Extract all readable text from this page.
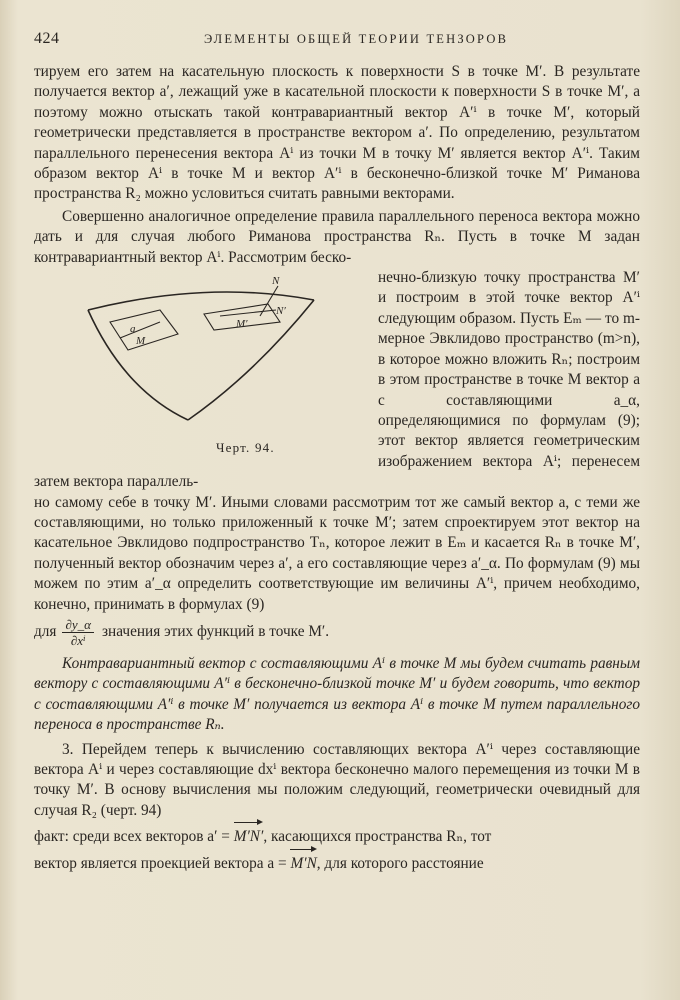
424	ЭЛЕМЕНТЫ ОБЩЕЙ ТЕОРИИ ТЕНЗОРОВ

тируем его затем на касательную плоскость к поверхности S в точке M′. В результате получается вектор a′, лежащий уже в касательной плоскости к поверхности S в точке M′, а поэтому можно отыскать такой контравариантный вектор A′ⁱ в точке M′, который геометрически представляется в пространстве вектором a′. По определению, результатом параллельного перенесения вектора Aⁱ из точки M в точку M′ является вектор A′ⁱ. Таким образом вектор Aⁱ в точке M и вектор A′ⁱ в бесконечно-близкой точке M′ Риманова пространства R₂ можно условиться считать равными векторами.

Совершенно аналогичное определение правила параллельного переноса вектора можно дать и для случая любого Риманова пространства Rₙ. Пусть в точке M задан контравариантный вектор Aⁱ. Рассмотрим беско-

a
M
M′
N
N′
Черт. 94.

нечно-близкую точку пространства M′ и построим в этой точке вектор A′ⁱ следующим образом. Пусть Eₘ — то m-мерное Эвклидово пространство (m>n), в которое можно вложить Rₙ; построим в этом пространстве в точке M вектор a с составляющими a_α, определяющимися по формулам (9); этот вектор является геометрическим изображением вектора Aⁱ; перенесем затем вектора параллель-

но самому себе в точку M′. Иными словами рассмотрим тот же самый вектор a, с теми же составляющими, но только приложенный к точке M′; затем спроектируем этот вектор на касательное Эвклидово подпространство Tₙ, которое лежит в Eₘ и касается Rₙ в точке M′, полученный вектор обозначим через a′, а его составляющие через a′_α. По формулам (9) мы можем по этим a′_α определить соответствующие им величины A′ⁱ, причем необходимо, конечно, принимать в формулах (9)

для $\frac{\partial y\_\alpha}{\text{∂xⁱ}}$ значения этих функций в точке M′.

Контравариантный вектор с составляющими Aⁱ в точке M мы будем считать равным вектору с составляющими A′ⁱ в бесконечно-близкой точке M′ и будем говорить, что вектор с составляющими A′ⁱ в точке M′ получается из вектора Aⁱ в точке M путем параллельного переноса в пространстве Rₙ.

3. Перейдем теперь к вычислению составляющих вектора A′ⁱ через составляющие вектора Aⁱ и через составляющие dxⁱ вектора бесконечно малого перемещения из точки M в точку M′. В основу вычисления мы положим следующий, геометрически очевидный для случая R₂ (черт. 94)

факт: среди всех векторов a′ = M′N′, касающихся пространства Rₙ, тот

вектор является проекцией вектора a = M′N, для которого расстояние
